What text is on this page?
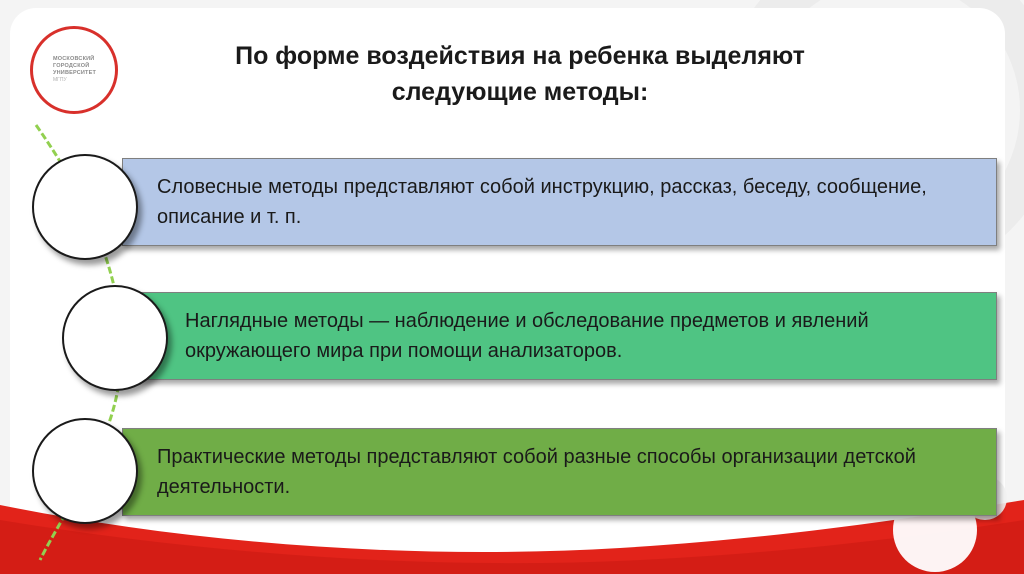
МОСКОВСКИЙ
ГОРОДСКОЙ
УНИВЕРСИТЕТ
МГПУ
По форме воздействия на ребенка выделяют
следующие методы:
Словесные методы представляют собой инструкцию, рассказ, беседу, сообщение, описание и т. п.
Наглядные методы — наблюдение и обследование предметов и явлений окружающего мира при помощи анализаторов.
Практические методы представляют собой разные способы организации детской деятельности.
